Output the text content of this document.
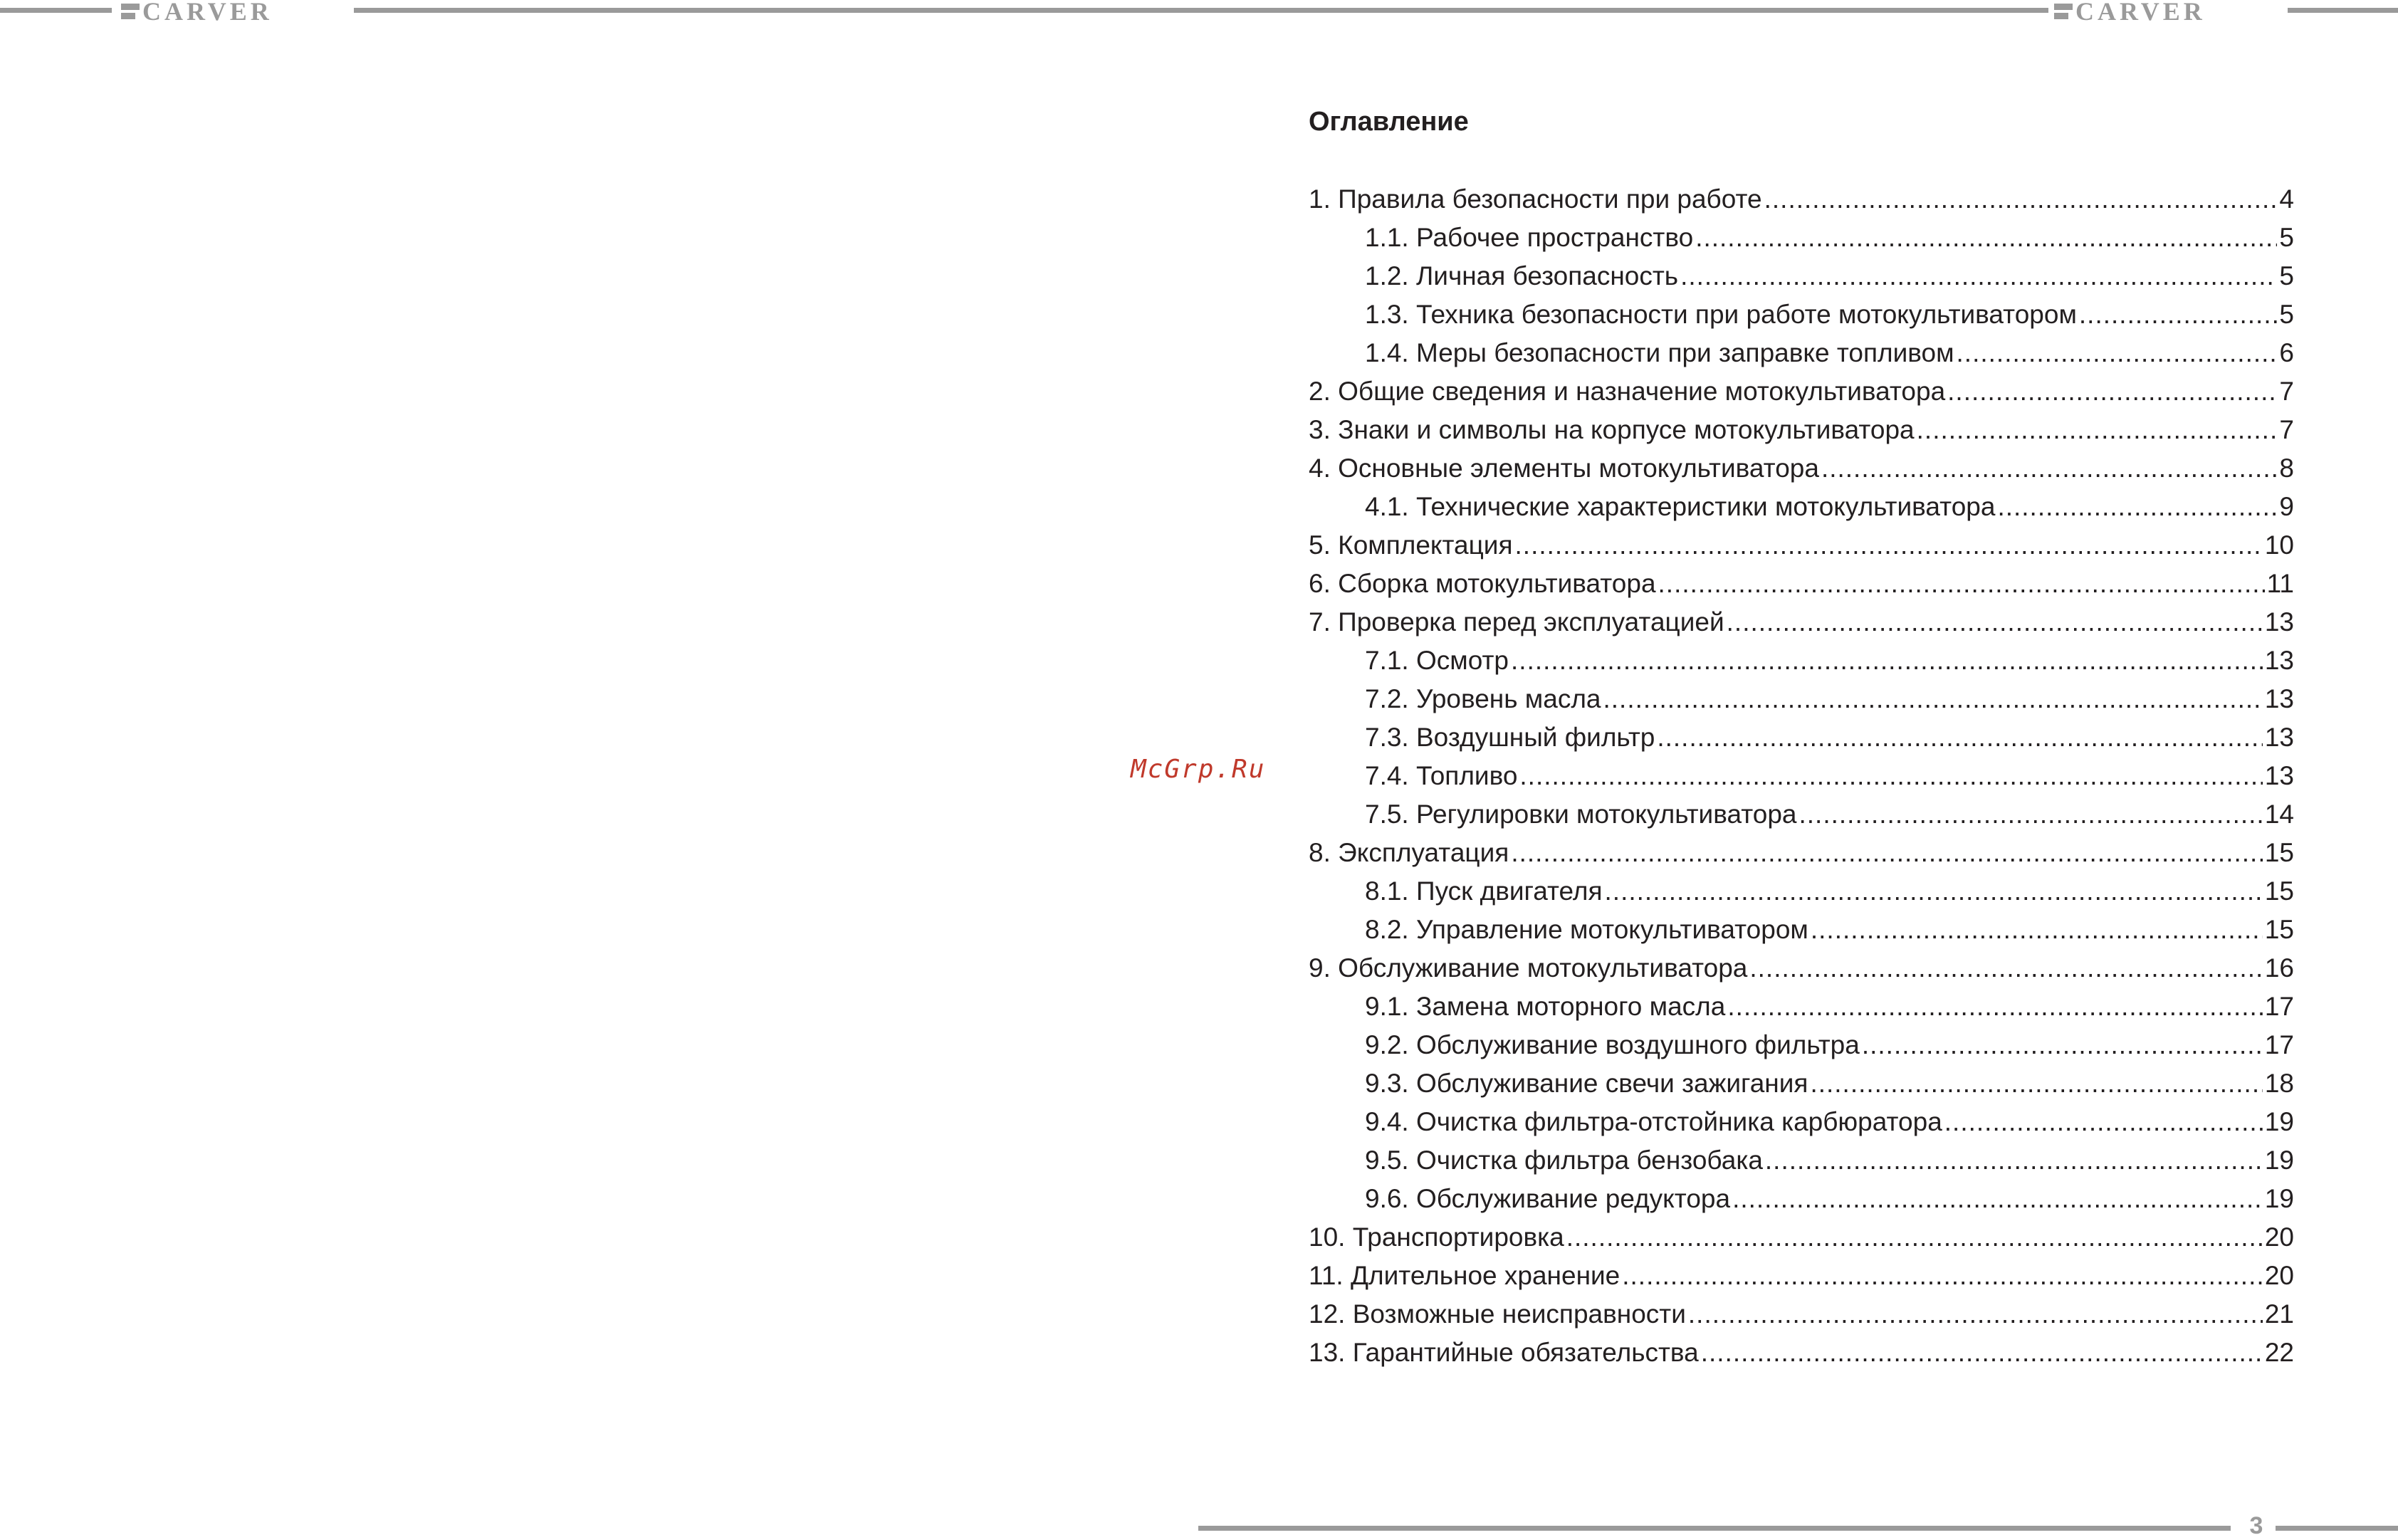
CARVER	CARVER
McGrp.Ru
Оглавление
1. Правила безопасности при работе .....	4
1.1. Рабочее пространство .....	5
1.2. Личная безопасность .....	5
1.3. Техника безопасности при работе мотокультиватором .....	5
1.4. Меры безопасности при заправке топливом .....	6
2. Общие сведения и назначение мотокультиватора .....	7
3. Знаки и символы на корпусе мотокультиватора .....	7
4. Основные элементы мотокультиватора .....	8
4.1. Технические характеристики мотокультиватора .....	9
5. Комплектация .....	10
6. Сборка мотокультиватора .....	11
7. Проверка перед эксплуатацией .....	13
7.1. Осмотр .....	13
7.2. Уровень масла .....	13
7.3. Воздушный фильтр .....	13
7.4. Топливо .....	13
7.5. Регулировки мотокультиватора .....	14
8. Эксплуатация .....	15
8.1. Пуск двигателя .....	15
8.2. Управление мотокультиватором .....	15
9. Обслуживание мотокультиватора .....	16
9.1. Замена моторного масла .....	17
9.2. Обслуживание воздушного фильтра .....	17
9.3. Обслуживание свечи зажигания .....	18
9.4. Очистка фильтра-отстойника карбюратора .....	19
9.5. Очистка фильтра бензобака .....	19
9.6. Обслуживание редуктора .....	19
10. Транспортировка .....	20
11. Длительное хранение .....	20
12. Возможные неисправности .....	21
13. Гарантийные обязательства .....	22
3
